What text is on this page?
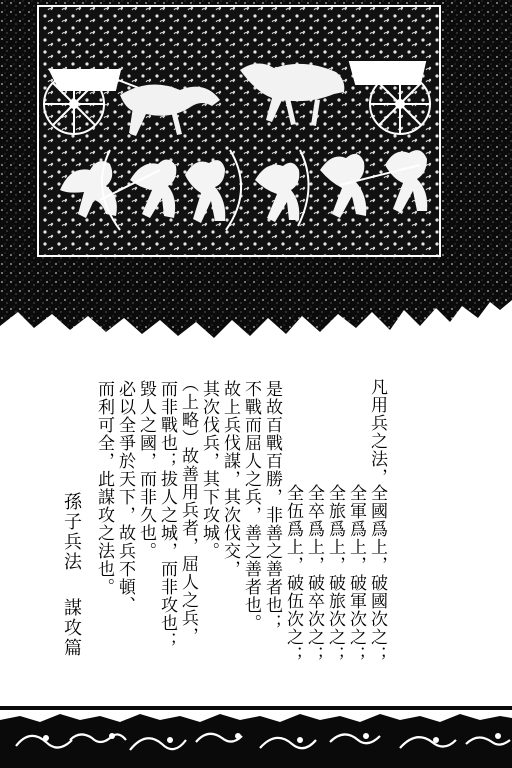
凡用兵之法，
全國爲上，破國次之；
全軍爲上，破軍次之；
全旅爲上，破旅次之；
全卒爲上，破卒次之；
全伍爲上，破伍次之；
是故百戰百勝，非善之善者也；
不戰而屈人之兵，善之善者也。
故上兵伐謀，其次伐交，
其次伐兵，其下攻城。
（上略）故善用兵者，屈人之兵，
而非戰也；拔人之城，而非攻也；
毀人之國，而非久也。
必以全爭於天下，故兵不頓、
而利可全，此謀攻之法也。
孫子兵法
謀攻篇
